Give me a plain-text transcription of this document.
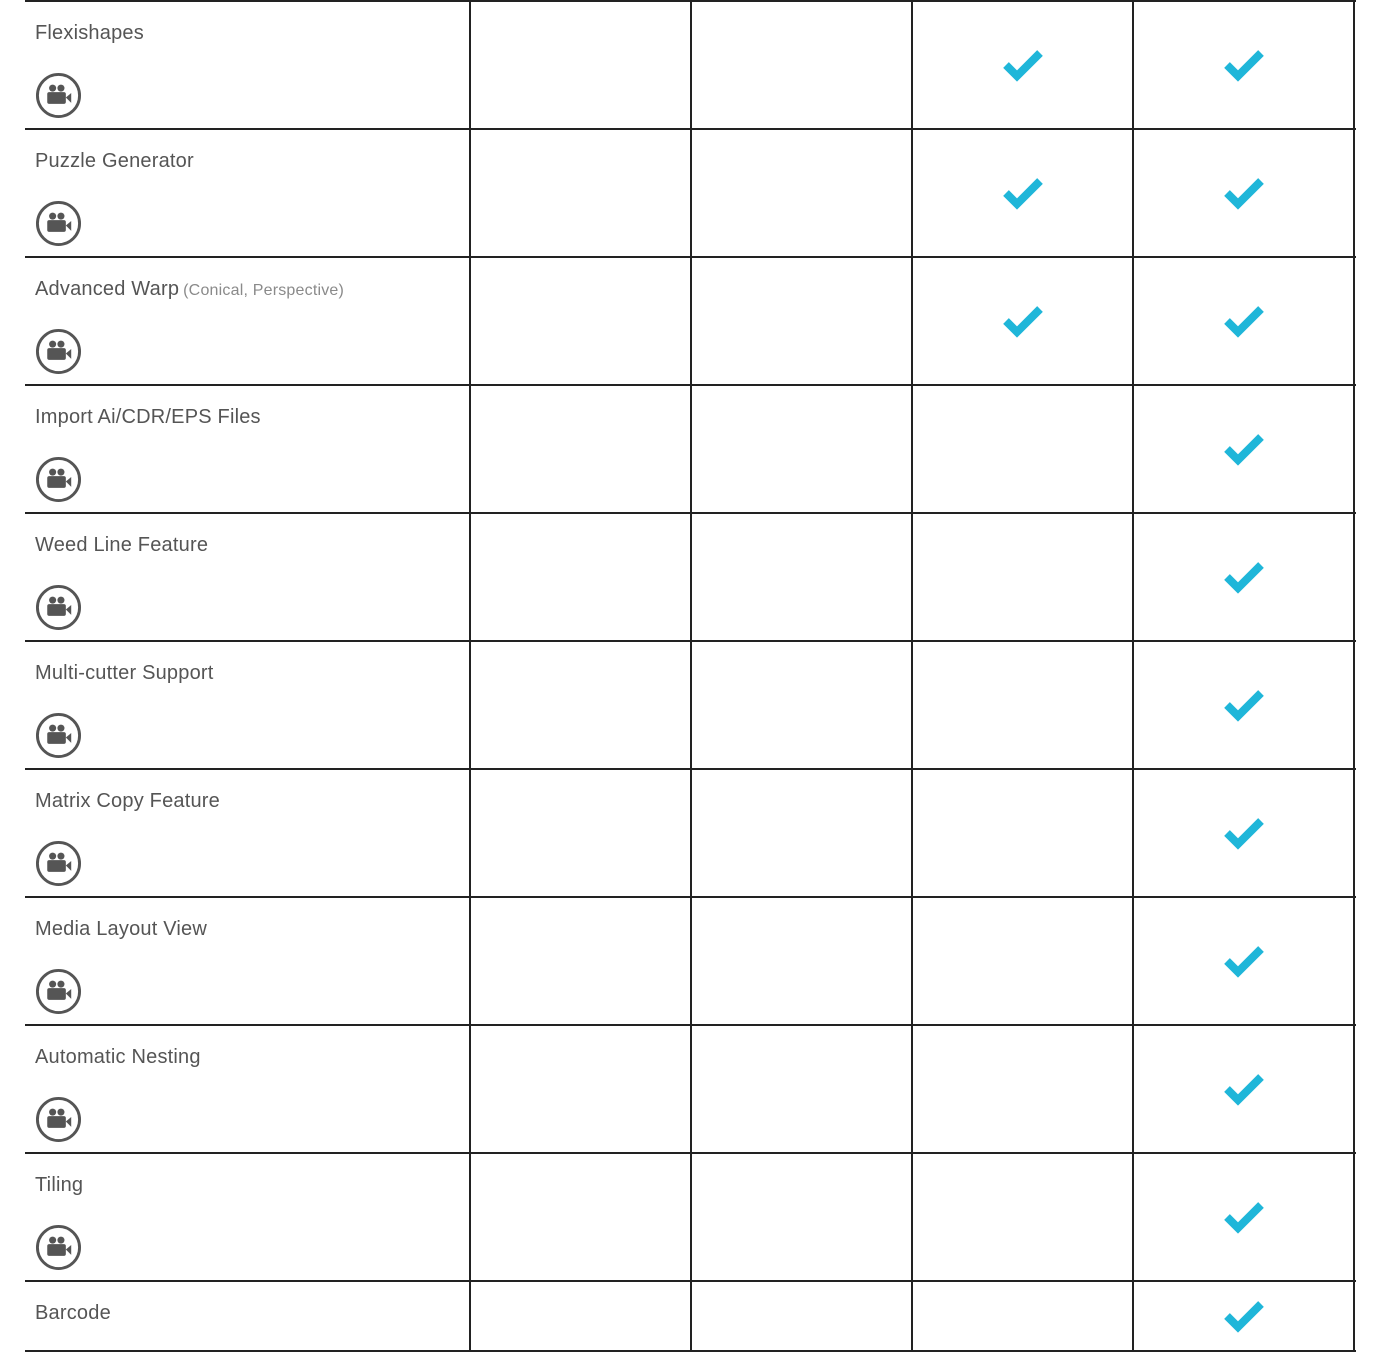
Flexishapes
Puzzle Generator
Advanced Warp (Conical, Perspective)
Import Ai/CDR/EPS Files
Weed Line Feature
Multi-cutter Support
Matrix Copy Feature
Media Layout View
Automatic Nesting
Tiling
Barcode
